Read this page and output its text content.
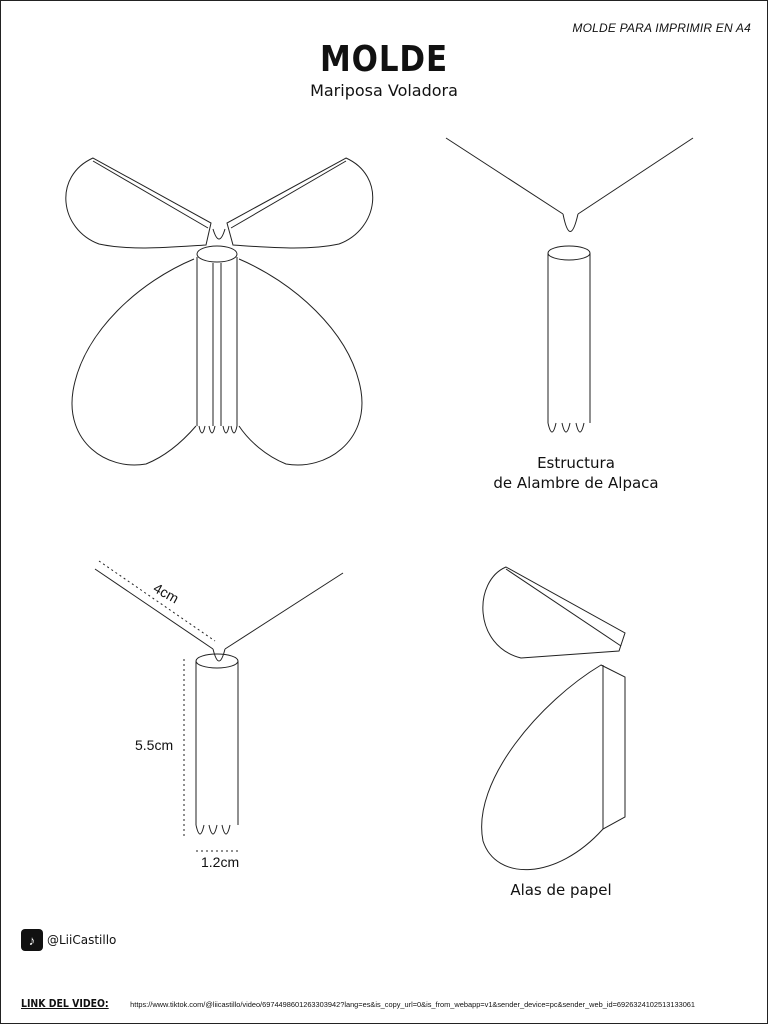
MOLDE PARA IMPRIMIR EN A4
MOLDE
Mariposa Voladora
4cm
5.5cm
1.2cm
Estructura
de Alambre de Alpaca
Alas de papel
♪ @LiiCastillo
LINK DEL VIDEO:	https://www.tiktok.com/@liicastillo/video/6974498601263303942?lang=es&is_copy_url=0&is_from_webapp=v1&sender_device=pc&sender_web_id=6926324102513133061
